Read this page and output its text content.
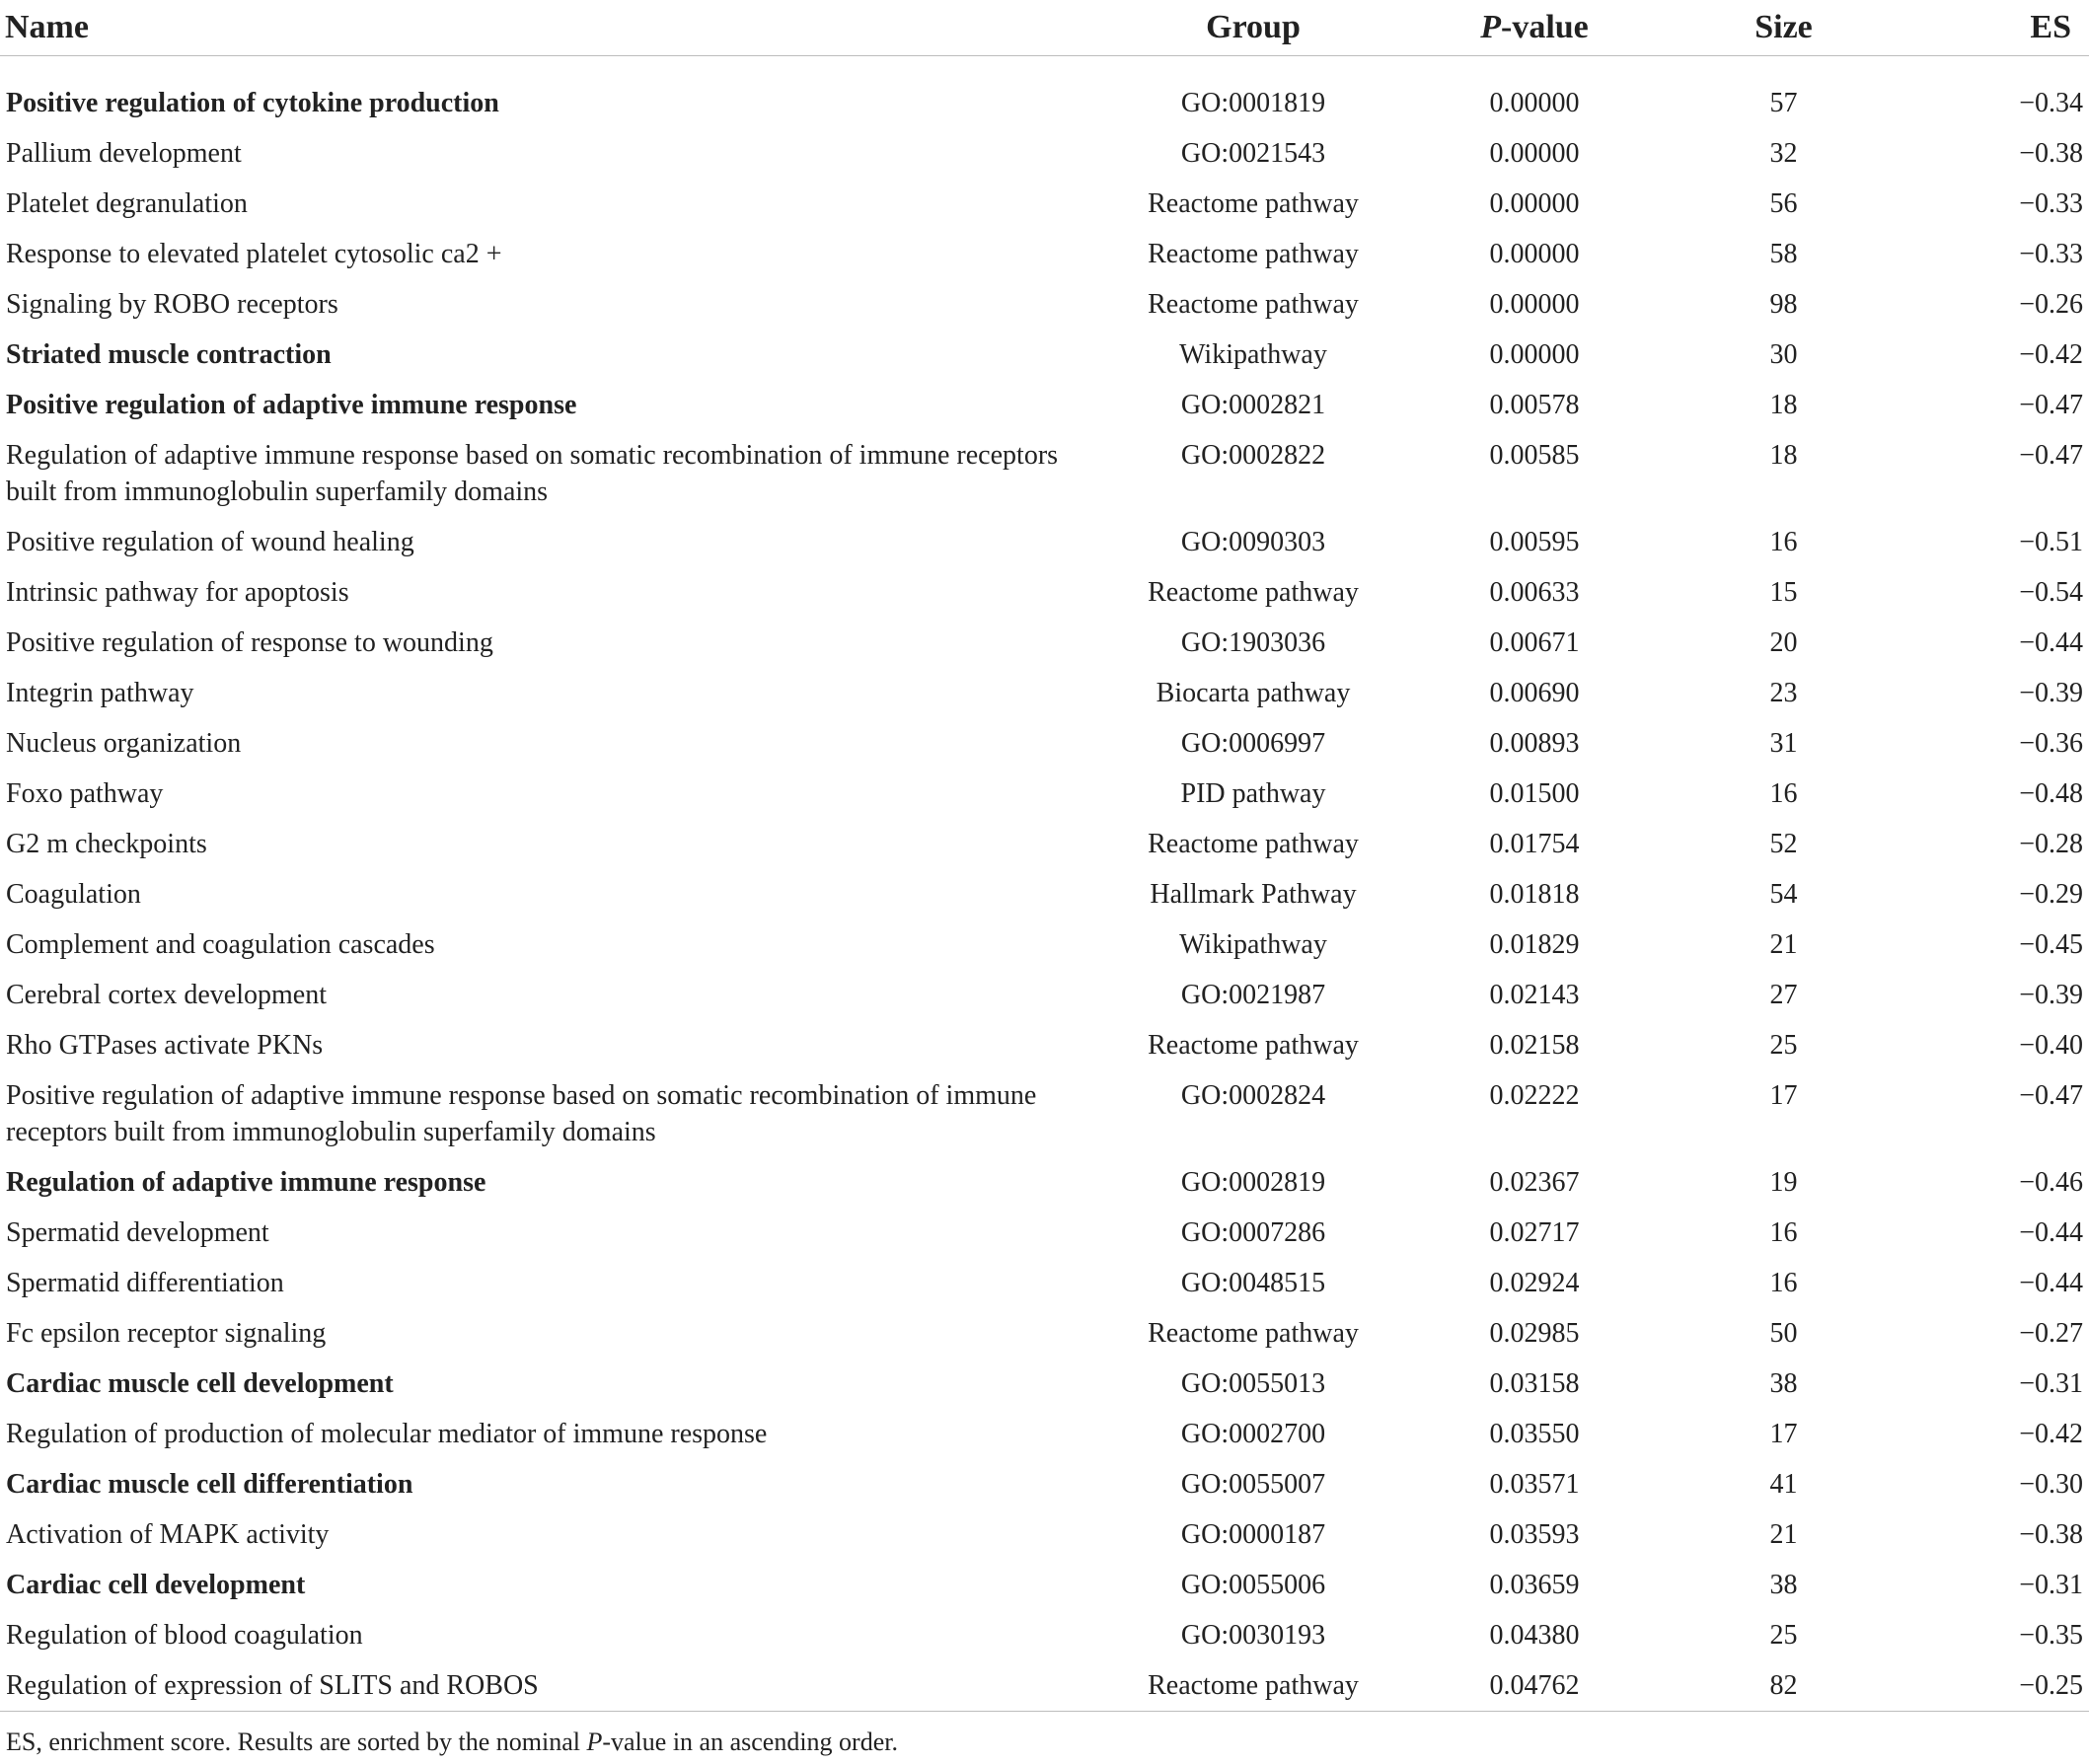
Name	Group	P-value	Size	ES
Positive regulation of cytokine production	GO:0001819	0.00000	57	−0.34
Pallium development	GO:0021543	0.00000	32	−0.38
Platelet degranulation	Reactome pathway	0.00000	56	−0.33
Response to elevated platelet cytosolic ca2 +	Reactome pathway	0.00000	58	−0.33
Signaling by ROBO receptors	Reactome pathway	0.00000	98	−0.26
Striated muscle contraction	Wikipathway	0.00000	30	−0.42
Positive regulation of adaptive immune response	GO:0002821	0.00578	18	−0.47
Regulation of adaptive immune response based on somatic recombination of immune receptors built from immunoglobulin superfamily domains	GO:0002822	0.00585	18	−0.47
Positive regulation of wound healing	GO:0090303	0.00595	16	−0.51
Intrinsic pathway for apoptosis	Reactome pathway	0.00633	15	−0.54
Positive regulation of response to wounding	GO:1903036	0.00671	20	−0.44
Integrin pathway	Biocarta pathway	0.00690	23	−0.39
Nucleus organization	GO:0006997	0.00893	31	−0.36
Foxo pathway	PID pathway	0.01500	16	−0.48
G2 m checkpoints	Reactome pathway	0.01754	52	−0.28
Coagulation	Hallmark Pathway	0.01818	54	−0.29
Complement and coagulation cascades	Wikipathway	0.01829	21	−0.45
Cerebral cortex development	GO:0021987	0.02143	27	−0.39
Rho GTPases activate PKNs	Reactome pathway	0.02158	25	−0.40
Positive regulation of adaptive immune response based on somatic recombination of immune receptors built from immunoglobulin superfamily domains	GO:0002824	0.02222	17	−0.47
Regulation of adaptive immune response	GO:0002819	0.02367	19	−0.46
Spermatid development	GO:0007286	0.02717	16	−0.44
Spermatid differentiation	GO:0048515	0.02924	16	−0.44
Fc epsilon receptor signaling	Reactome pathway	0.02985	50	−0.27
Cardiac muscle cell development	GO:0055013	0.03158	38	−0.31
Regulation of production of molecular mediator of immune response	GO:0002700	0.03550	17	−0.42
Cardiac muscle cell differentiation	GO:0055007	0.03571	41	−0.30
Activation of MAPK activity	GO:0000187	0.03593	21	−0.38
Cardiac cell development	GO:0055006	0.03659	38	−0.31
Regulation of blood coagulation	GO:0030193	0.04380	25	−0.35
Regulation of expression of SLITS and ROBOS	Reactome pathway	0.04762	82	−0.25
ES, enrichment score. Results are sorted by the nominal P-value in an ascending order.
